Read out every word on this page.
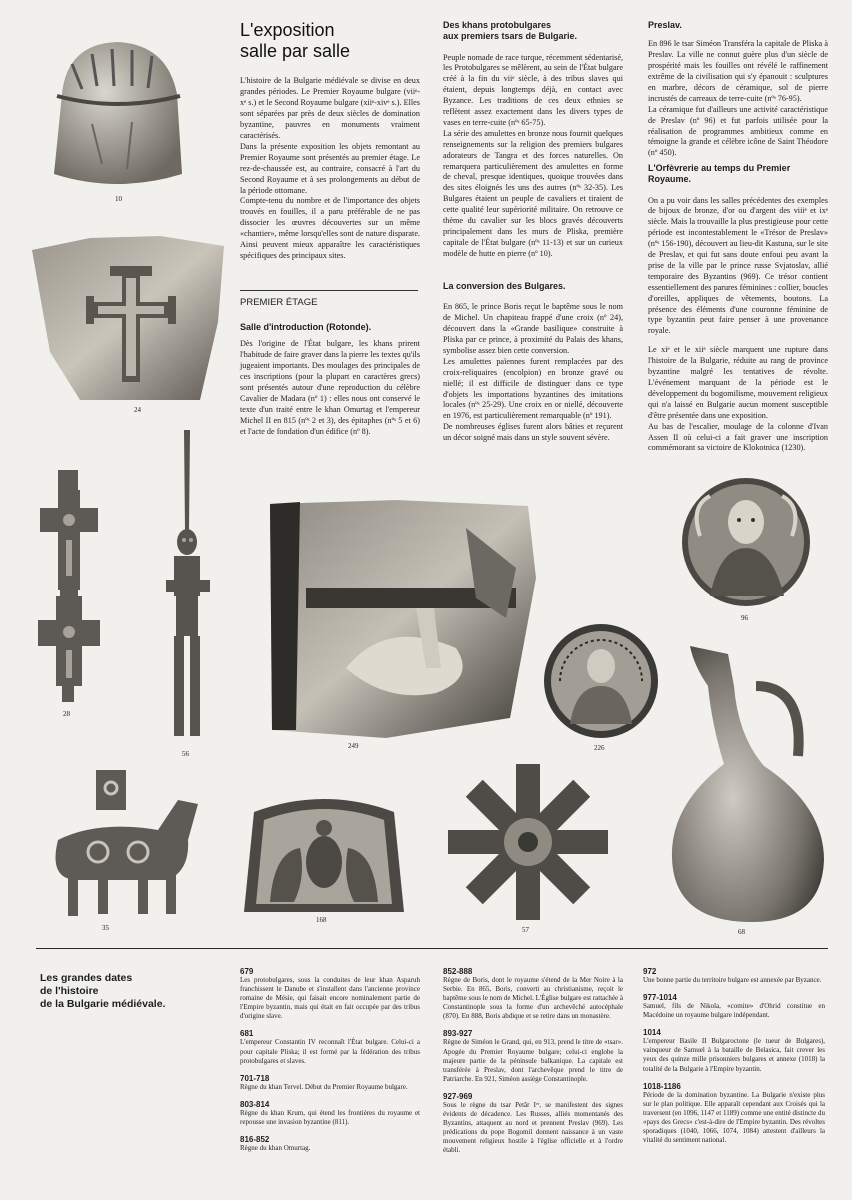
10
24
L'exposition
salle par salle

L'histoire de la Bulgarie médiévale se divise en deux grandes périodes. Le Premier Royaume bulgare (viiᵉ-xᵉ s.) et le Second Royaume bulgare (xiiᵉ-xivᵉ s.). Elles sont séparées par près de deux siècles de domination byzantine, pauvres en monuments vraiment caractérisés.

Dans la présente exposition les objets remontant au Premier Royaume sont présentés au premier étage. Le rez-de-chaussée est, au contraire, consacré à l'art du Second Royaume et à ses prolongements au début de la période ottomane.

Compte-tenu du nombre et de l'importance des objets trouvés en fouilles, il a paru préférable de ne pas dissocier les œuvres découvertes sur un même «chantier», même lorsqu'elles sont de nature disparate. Ainsi peuvent mieux apparaître les caractéristiques spécifiques des principaux sites.

PREMIER ÉTAGE
Salle d'introduction (Rotonde).

Dès l'origine de l'État bulgare, les khans prirent l'habitude de faire graver dans la pierre les textes qu'ils jugeaient importants. Des moulages des principales de ces inscriptions (pour la plupart en caractères grecs) sont présentés autour d'une reproduction du célèbre Cavalier de Madara (nº 1) : elles nous ont conservé le texte d'un traité entre le khan Omurtag et l'empereur Michel II en 815 (nºˢ 2 et 3), des épitaphes (nºˢ 5 et 6) et l'acte de fondation d'un édifice (nº 8).

Des khans protobulgares
aux premiers tsars de Bulgarie.

Peuple nomade de race turque, récemment sédentarisé, les Protobulgares se mêlèrent, au sein de l'État bulgare créé à la fin du viiᵉ siècle, à des tribus slaves qui étaient, depuis longtemps déjà, en contact avec Byzance. Les traditions de ces deux ethnies se reflètent assez exactement dans les divers types de vases en terre-cuite (nºˢ 65-75).

La série des amulettes en bronze nous fournit quelques renseignements sur la religion des premiers bulgares adorateurs de Tangra et des forces naturelles. On remarquera particulièrement des amulettes en forme de cheval, presque identiques, quoique trouvées dans des sites éloignés les uns des autres (nºˢ 32-35). Les Bulgares étaient un peuple de cavaliers et tiraient de cette qualité leur supériorité militaire. On retrouve ce thème du cavalier sur les blocs gravés découverts principalement dans les murs de Pliska, première capitale de l'État bulgare (nºˢ 11-13) et sur un curieux modèle de hutte en pierre (nº 10).

La conversion des Bulgares.

En 865, le prince Boris reçut le baptême sous le nom de Michel. Un chapiteau frappé d'une croix (nº 24), découvert dans la «Grande basilique» construite à Pliska par ce prince, à proximité du Palais des khans, symbolise assez bien cette conversion.

Les amulettes païennes furent remplacées par des croix-reliquaires (encolpion) en bronze gravé ou niellé; il est difficile de distinguer dans ce type d'objets les importations byzantines des imitations locales (nºˢ 25-29). Une croix en or niellé, découverte en 1976, est particulièrement remarquable (nº 191).

De nombreuses églises furent alors bâties et reçurent un décor soigné mais dans un style souvent sévère.

Preslav.

En 896 le tsar Siméon Transféra la capitale de Pliska à Preslav. La ville ne connut guère plus d'un siècle de prospérité mais les fouilles ont révélé le raffinement extrême de la civilisation qui s'y épanouit : sculptures en marbre, décors de céramique, sol de pierre incrustés de carreaux de terre-cuite (nºˢ 76-95).

La céramique fut d'ailleurs une activité caractéristique de Preslav (nº 96) et fut parfois utilisée pour la réalisation de programmes ambitieux comme en témoigne la grande et célèbre icône de Saint Théodore (nº 450).

L'Orfèvrerie au temps du Premier Royaume.

On a pu voir dans les salles précédentes des exemples de bijoux de bronze, d'or ou d'argent des viiiᵉ et ixᵉ siècle. Mais la trouvaille la plus prestigieuse pour cette période est incontestablement le «Trésor de Preslav» (nºˢ 156-190), découvert au lieu-dit Kastuna, sur le site de Preslav, et qui fut sans doute enfoui peu avant la prise de la ville par le prince russe Svjatoslav, allié temporaire des Byzantins (969). Ce trésor contient essentiellement des parures féminines : collier, boucles d'oreilles, appliques de vêtements, boutons. La présence des éléments d'une couronne féminine de type byzantin peut faire penser à une provenance royale.

Le xiᵉ et le xiiᵉ siècle marquent une rupture dans l'histoire de la Bulgarie, réduite au rang de province byzantine malgré les tentatives de révolte. L'événement marquant de la période est le développement du bogomilisme, mouvement religieux qui n'a laissé en Bulgarie aucun moment susceptible d'être présentée dans une exposition.

Au bas de l'escalier, moulage de la colonne d'Ivan Assen II où celui-ci a fait graver une inscription commémorant sa victoire de Klokotnica (1230).

28
56
249
96
226
68
35
168
57
Les grandes dates
de l'histoire
de la Bulgarie médiévale.

679

Les protobulgares, sous la conduites de leur khan Asparuh franchissent le Danube et s'installent dans l'ancienne province romaine de Mésie, qui faisait encore nominalement partie de l'Empire byzantin, mais qui était en fait occupée par des tribus d'origine slave.

681

L'empereur Constantin IV reconnaît l'État bulgare. Celui-ci a pour capitale Pliska; il est formé par la fédération des tribus protobulgares et slaves.

701-718

Règne du khan Tervel. Début du Premier Royaume bulgare.

803-814

Règne du khan Krum, qui étend les frontières du royaume et repousse une invasion byzantine (811).

816-852

Règne du khan Omurtag.

852-888

Règne de Boris, dont le royaume s'étend de la Mer Noire à la Serbie. En 865, Boris, converti au christianisme, reçoit le baptême sous le nom de Michel. L'Église bulgare est rattachée à Constantinople sous la forme d'un archevêché autocéphale (870). En 888, Boris abdique et se retire dans un monastère.

893-927

Règne de Siméon le Grand, qui, en 913, prend le titre de «tsar». Apogée du Premier Royaume bulgare; celui-ci englobe la majeure partie de la péninsule balkanique. La capitale est transférée à Preslav, dont l'archevêque prend le titre de Patriarche. En 921, Siméon assiège Constantinople.

927-969

Sous le règne du tsar Petăr Iᵉʳ, se manifestent des signes évidents de décadence. Les Russes, alliés momentanés des Byzantins, attaquent au nord et prennent Preslav (969). Les prédications du pope Bogomil donnent naissance à un vaste mouvement religieux hostile à l'église officielle et à l'ordre établi.

972

Une bonne partie du territoire bulgare est annexée par Byzance.

977-1014

Samuel, fils de Nikola, «comite» d'Ohrid constitue en Macédoine un royaume bulgare indépendant.

1014

L'empereur Basile II Bulgaroctone (le tueur de Bulgares), vainqueur de Samuel à la bataille de Belasica, fait crever les yeux des quinze mille prisonniers bulgares et annexe (1018) la totalité de la Bulgarie à l'Empire byzantin.

1018-1186

Période de la domination byzantine. La Bulgarie n'existe plus sur le plan politique. Elle apparaît cependant aux Croisés qui la traversent (en 1096, 1147 et 1189) comme une entité distincte du «pays des Grecs» c'est-à-dire de l'Empire byzantin. Des révoltes sporadiques (1040, 1066, 1074, 1084) attestent d'ailleurs la vitalité du sentiment national.
